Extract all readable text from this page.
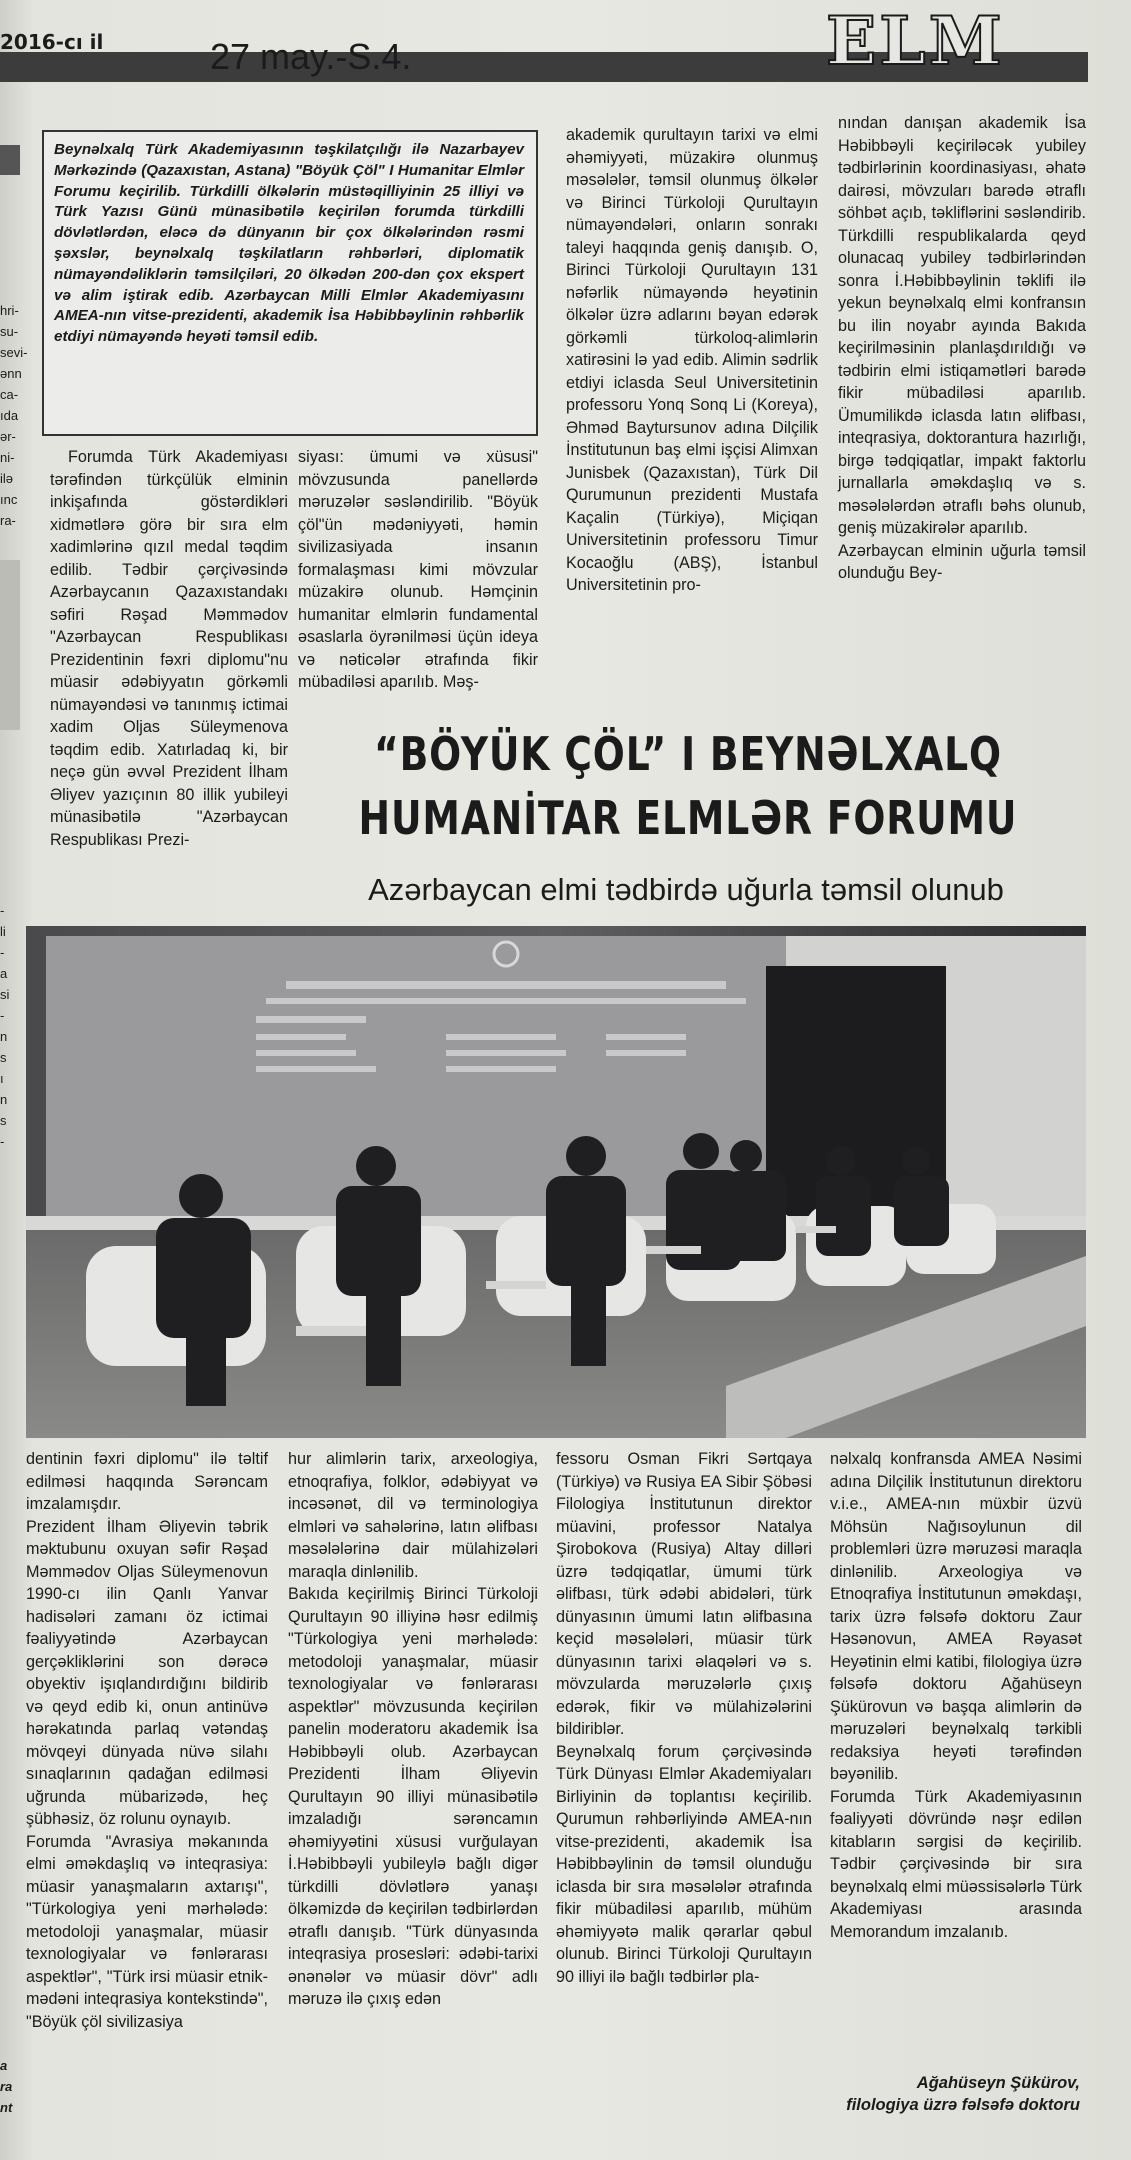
2016-cı il	27 may.-S.4.	ELM
hri-
su-
sevi-
ənn
ca-
ıda
ər-
ni-
ilə
ınc
ra-
-
li
-
a
si
-
n
s
ı
n
s
-
a
ra
nt
Beynəlxalq Türk Akademiyasının təşkilatçılığı ilə Nazarbayev Mərkəzində (Qazaxıstan, Astana) "Böyük Çöl" I Humanitar Elmlər Forumu keçirilib. Türkdilli ölkələrin müstəqilliyinin 25 illiyi və Türk Yazısı Günü münasibətilə keçirilən forumda türkdilli dövlətlərdən, eləcə də dünyanın bir çox ölkələrindən rəsmi şəxslər, beynəlxalq təşkilatların rəhbərləri, diplomatik nümayəndəliklərin təmsilçiləri, 20 ölkədən 200-dən çox ekspert və alim iştirak edib. Azərbaycan Milli Elmlər Akademiyasını AMEA-nın vitse-prezidenti, akademik İsa Həbibbəylinin rəhbərlik etdiyi nümayəndə heyəti təmsil edib.
Forumda Türk Akademiyası tərəfindən türkçülük elminin inkişafında göstərdikləri xidmətlərə görə bir sıra elm xadimlərinə qızıl medal təqdim edilib. Tədbir çərçivəsində Azərbaycanın Qazaxıstandakı səfiri Rəşad Məmmədov "Azərbaycan Respublikası Prezidentinin fəxri diplomu"nu müasir ədəbiyyatın görkəmli nümayəndəsi və tanınmış ictimai xadim Oljas Süleymenova təqdim edib. Xatırladaq ki, bir neçə gün əvvəl Prezident İlham Əliyev yazıçının 80 illik yubileyi münasibətilə "Azərbaycan Respublikası Prezi-
siyası: ümumi və xüsusi" mövzusunda panellərdə məruzələr səsləndirilib. "Böyük çöl"ün mədəniyyəti, həmin sivilizasiyada insanın formalaşması kimi mövzular müzakirə olunub. Həmçinin humanitar elmlərin fundamental əsaslarla öyrənilməsi üçün ideya və nəticələr ətrafında fikir mübadiləsi aparılıb. Məş-
akademik qurultayın tarixi və elmi əhəmiyyəti, müzakirə olunmuş məsələlər, təmsil olunmuş ölkələr və Birinci Türkoloji Qurultayın nümayəndələri, onların sonrakı taleyi haqqında geniş danışıb. O, Birinci Türkoloji Qurultayın 131 nəfərlik nümayəndə heyətinin ölkələr üzrə adlarını bəyan edərək görkəmli türkoloq-alimlərin xatirəsini lə yad edib. Alimin sədrlik etdiyi iclasda Seul Universitetinin professoru Yonq Sonq Li (Koreya), Əhməd Baytursunov adına Dilçilik İnstitutunun baş elmi işçisi Alimxan Junisbek (Qazaxıstan), Türk Dil Qurumunun prezidenti Mustafa Kaçalin (Türkiyə), Miçiqan Universitetinin professoru Timur Kocaoğlu (ABŞ), İstanbul Universitetinin pro-
nından danışan akademik İsa Həbibbəyli keçiriləcək yubiley tədbirlərinin koordinasiyası, əhatə dairəsi, mövzuları barədə ətraflı söhbət açıb, təkliflərini səsləndirib. Türkdilli respublikalarda qeyd olunacaq yubiley tədbirlərindən sonra İ.Həbibbəylinin təklifi ilə yekun beynəlxalq elmi konfransın bu ilin noyabr ayında Bakıda keçirilməsinin planlaşdırıldığı və tədbirin elmi istiqamətləri barədə fikir mübadiləsi aparılıb. Ümumilikdə iclasda latın əlifbası, inteqrasiya, doktorantura hazırlığı, birgə tədqiqatlar, impakt faktorlu jurnallarla əməkdaşlıq və s. məsələlərdən ətraflı bəhs olunub, geniş müzakirələr aparılıb.
Azərbaycan elminin uğurla təmsil olunduğu Bey-
“BÖYÜK ÇÖL” I BEYNƏLXALQ
HUMANİTAR ELMLƏR FORUMU
Azərbaycan elmi tədbirdə uğurla təmsil olunub
dentinin fəxri diplomu" ilə təltif edilməsi haqqında Sərəncam imzalamışdır.
Prezident İlham Əliyevin təbrik məktubunu oxuyan səfir Rəşad Məmmədov Oljas Süleymenovun 1990-cı ilin Qanlı Yanvar hadisələri zamanı öz ictimai fəaliyyətində Azərbaycan gerçəkliklərini son dərəcə obyektiv işıqlandırdığını bildirib və qeyd edib ki, onun antinüvə hərəkatında parlaq vətəndaş mövqeyi dünyada nüvə silahı sınaqlarının qadağan edilməsi uğrunda mübarizədə, heç şübhəsiz, öz rolunu oynayıb.
Forumda "Avrasiya məkanında elmi əməkdaşlıq və inteqrasiya: müasir yanaşmaların axtarışı", "Türkologiya yeni mərhələdə: metodoloji yanaşmalar, müasir texnologiyalar və fənlərarası aspektlər", "Türk irsi müasir etnik-mədəni inteqrasiya kontekstində", "Böyük çöl sivilizasiya
hur alimlərin tarix, arxeologiya, etnoqrafiya, folklor, ədəbiyyat və incəsənət, dil və terminologiya elmləri və sahələrinə, latın əlifbası məsələlərinə dair mülahizələri maraqla dinlənilib.
Bakıda keçirilmiş Birinci Türkoloji Qurultayın 90 illiyinə həsr edilmiş "Türkologiya yeni mərhələdə: metodoloji yanaşmalar, müasir texnologiyalar və fənlərarası aspektlər" mövzusunda keçirilən panelin moderatoru akademik İsa Həbibbəyli olub. Azərbaycan Prezidenti İlham Əliyevin Qurultayın 90 illiyi münasibətilə imzaladığı sərəncamın əhəmiyyətini xüsusi vurğulayan İ.Həbibbəyli yubileylə bağlı digər türkdilli dövlətlərə yanaşı ölkəmizdə də keçirilən tədbirlərdən ətraflı danışıb. "Türk dünyasında inteqrasiya prosesləri: ədəbi-tarixi ənənələr və müasir dövr" adlı məruzə ilə çıxış edən
fessoru Osman Fikri Sərtqaya (Türkiyə) və Rusiya EA Sibir Şöbəsi Filologiya İnstitutunun direktor müavini, professor Natalya Şirobokova (Rusiya) Altay dilləri üzrə tədqiqatlar, ümumi türk əlifbası, türk ədəbi abidələri, türk dünyasının ümumi latın əlifbasına keçid məsələləri, müasir türk dünyasının tarixi əlaqələri və s. mövzularda məruzələrlə çıxış edərək, fikir və mülahizələrini bildiriblər.
Beynəlxalq forum çərçivəsində Türk Dünyası Elmlər Akademiyaları Birliyinin də toplantısı keçirilib. Qurumun rəhbərliyində AMEA-nın vitse-prezidenti, akademik İsa Həbibbəylinin də təmsil olunduğu iclasda bir sıra məsələlər ətrafında fikir mübadiləsi aparılıb, mühüm əhəmiyyətə malik qərarlar qəbul olunub. Birinci Türkoloji Qurultayın 90 illiyi ilə bağlı tədbirlər pla-
nəlxalq konfransda AMEA Nəsimi adına Dilçilik İnstitutunun direktoru v.i.e., AMEA-nın müxbir üzvü Möhsün Nağısoylunun dil problemləri üzrə məruzəsi maraqla dinlənilib. Arxeologiya və Etnoqrafiya İnstitutunun əməkdaşı, tarix üzrə fəlsəfə doktoru Zaur Həsənovun, AMEA Rəyasət Heyətinin elmi katibi, filologiya üzrə fəlsəfə doktoru Ağahüseyn Şükürovun və başqa alimlərin də məruzələri beynəlxalq tərkibli redaksiya heyəti tərəfindən bəyənilib.
Forumda Türk Akademiyasının fəaliyyəti dövründə nəşr edilən kitabların sərgisi də keçirilib. Tədbir çərçivəsində bir sıra beynəlxalq elmi müəssisələrlə Türk Akademiyası arasında Memorandum imzalanıb.
Ağahüseyn Şükürov,
filologiya üzrə fəlsəfə doktoru
